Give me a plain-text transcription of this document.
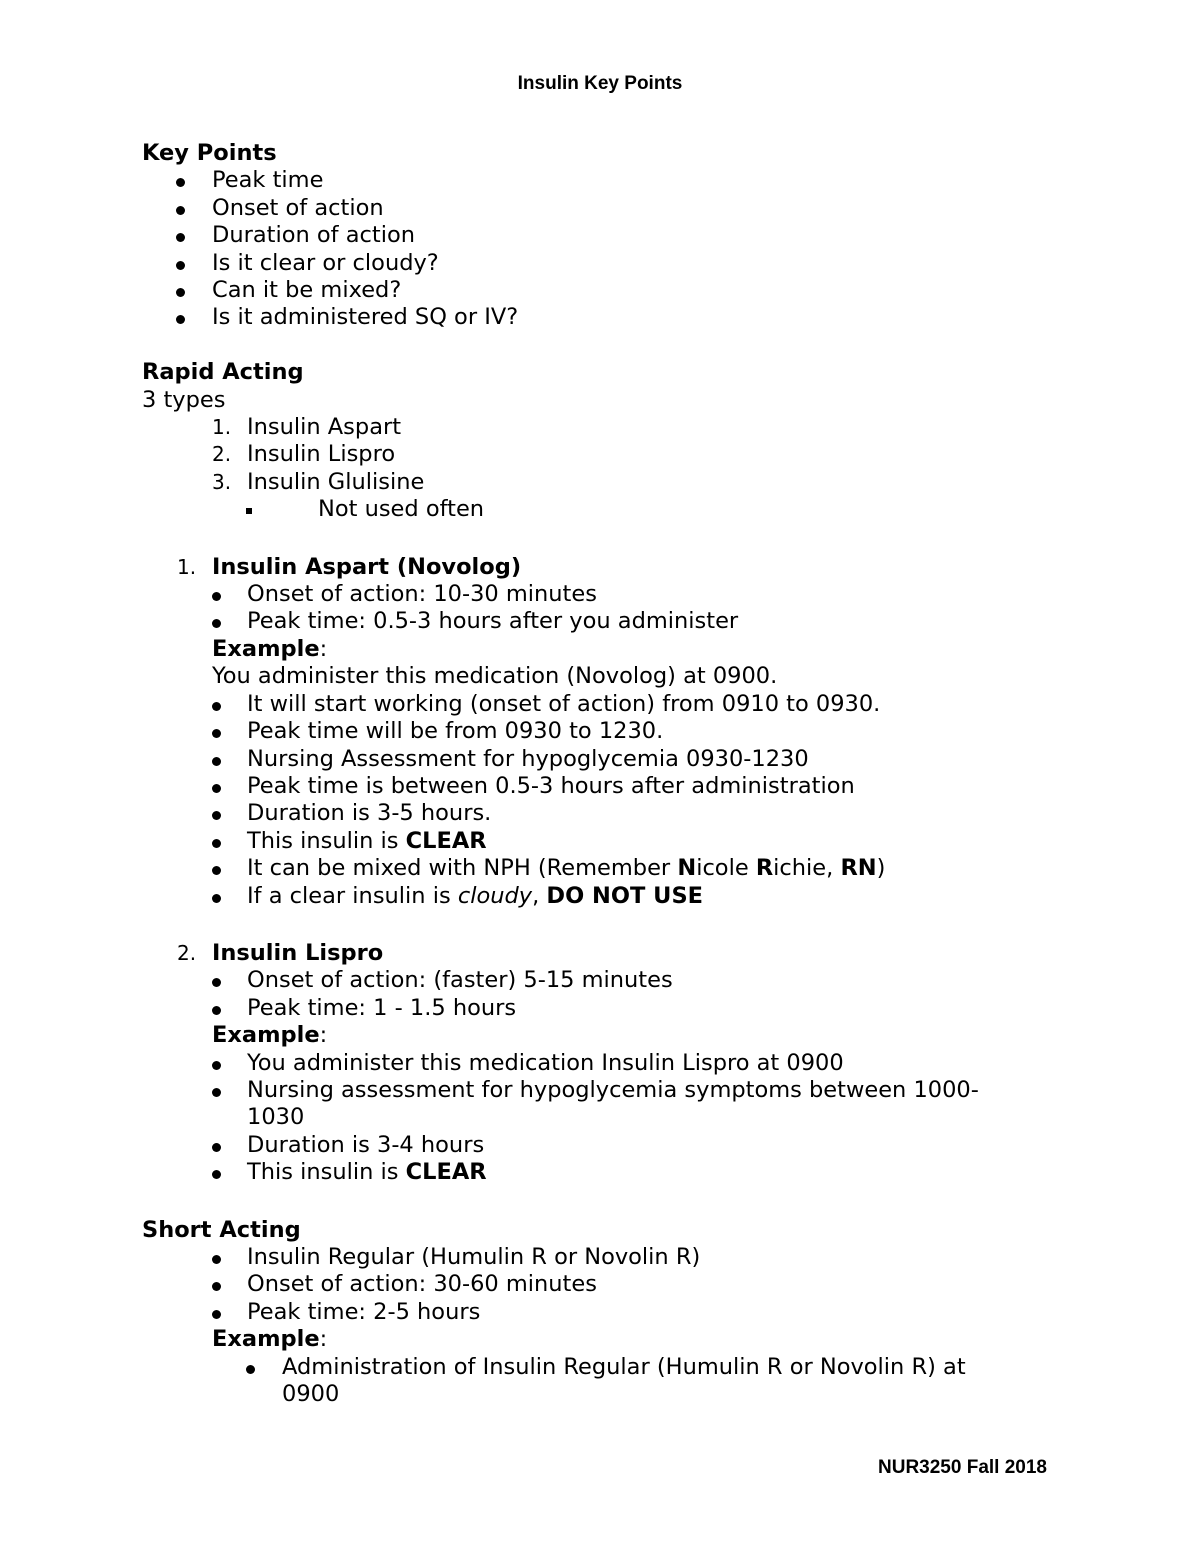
Insulin Key Points

Key Points

Peak time
Onset of action
Duration of action
Is it clear or cloudy?
Can it be mixed?
Is it administered SQ or IV?

Rapid Acting

3 types

1. Insulin Aspart
2. Insulin Lispro
3. Insulin Glulisine
Not used often
1. Insulin Aspart (Novolog)
Onset of action: 10-30 minutes
Peak time: 0.5-3 hours after you administer

Example:

You administer this medication (Novolog) at 0900.

It will start working (onset of action) from 0910 to 0930.
Peak time will be from 0930 to 1230.
Nursing Assessment for hypoglycemia 0930-1230
Peak time is between 0.5-3 hours after administration
Duration is 3-5 hours.
This insulin is CLEAR
It can be mixed with NPH (Remember Nicole Richie, RN)
If a clear insulin is cloudy, DO NOT USE
2. Insulin Lispro
Onset of action: (faster) 5-15 minutes
Peak time: 1 - 1.5 hours

Example:

You administer this medication Insulin Lispro at 0900
Nursing assessment for hypoglycemia symptoms between 1000-
1030
Duration is 3-4 hours
This insulin is CLEAR

Short Acting

Insulin Regular (Humulin R or Novolin R)
Onset of action: 30-60 minutes
Peak time: 2-5 hours

Example:

Administration of Insulin Regular (Humulin R or Novolin R) at
0900
NUR3250 Fall 2018
